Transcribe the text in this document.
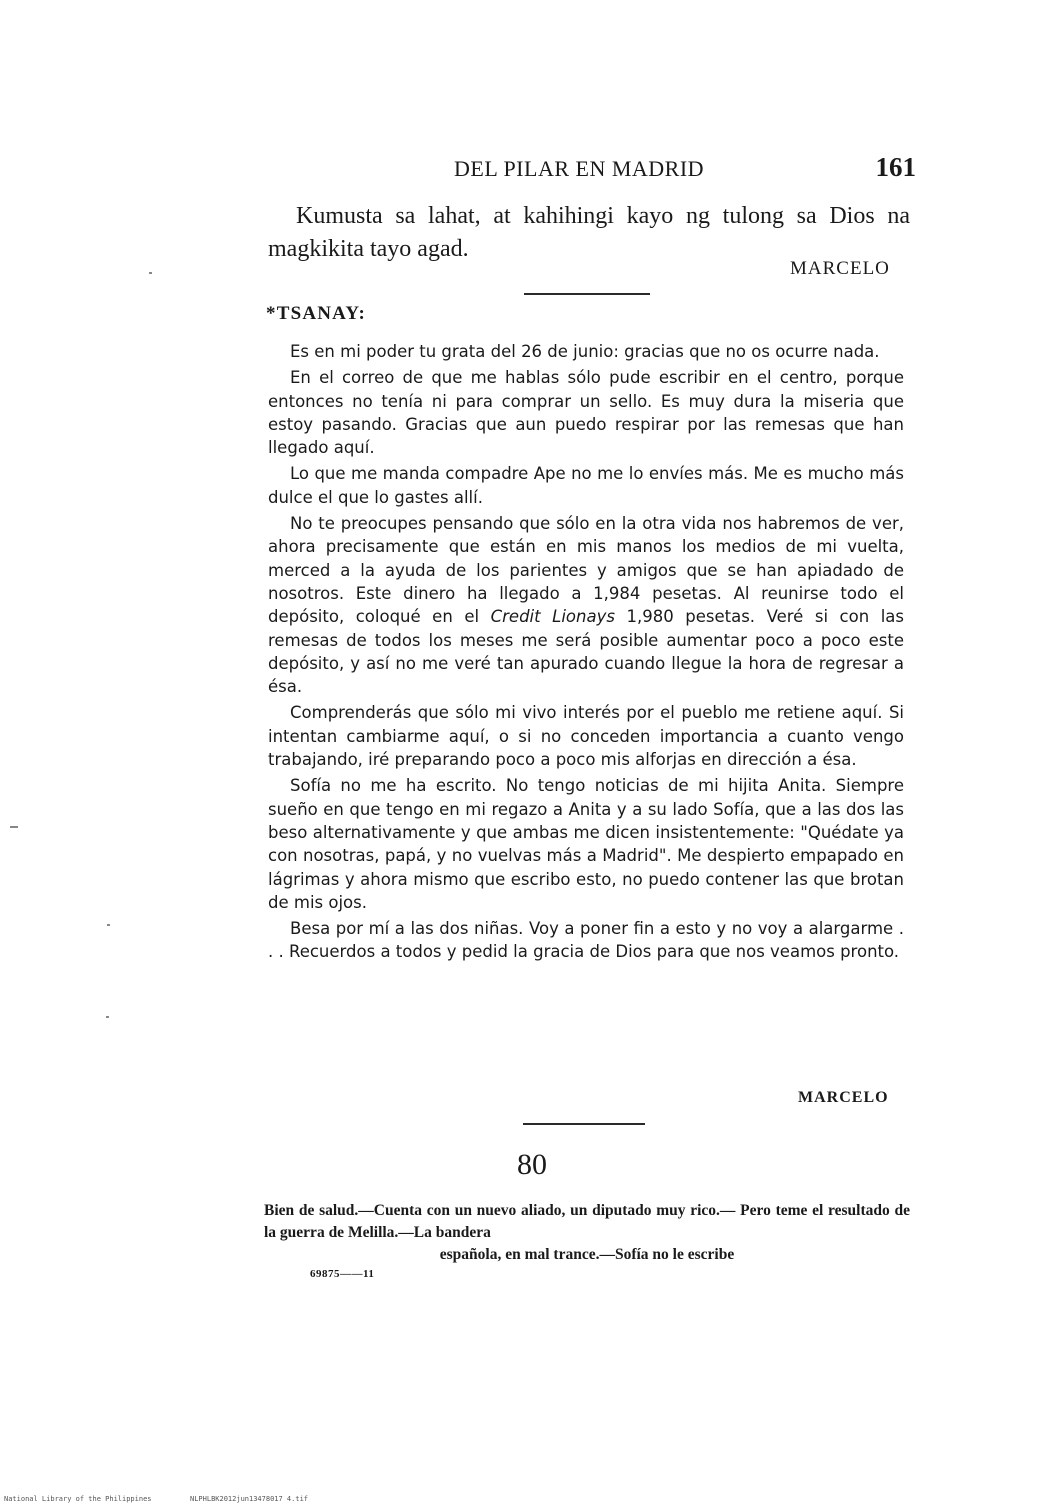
DEL PILAR EN MADRID	161

Kumusta sa lahat, at kahihingi kayo ng tulong sa Dios na magkikita tayo agad.

MARCELO
*TSANAY:

Es en mi poder tu grata del 26 de junio: gracias que no os ocurre nada.

En el correo de que me hablas sólo pude escribir en el centro, porque entonces no tenía ni para comprar un sello. Es muy dura la miseria que estoy pasando. Gracias que aun puedo respirar por las remesas que han llegado aquí.

Lo que me manda compadre Ape no me lo envíes más. Me es mucho más dulce el que lo gastes allí.

No te preocupes pensando que sólo en la otra vida nos habremos de ver, ahora precisamente que están en mis manos los medios de mi vuelta, merced a la ayuda de los parientes y amigos que se han apiadado de nosotros. Este dinero ha llegado a 1,984 pesetas. Al reunirse todo el depósito, coloqué en el Credit Lionays 1,980 pesetas. Veré si con las remesas de todos los meses me será posible aumentar poco a poco este depósito, y así no me veré tan apurado cuando llegue la hora de regresar a ésa.

Comprenderás que sólo mi vivo interés por el pueblo me retiene aquí. Si intentan cambiarme aquí, o si no conceden importancia a cuanto vengo trabajando, iré preparando poco a poco mis alforjas en dirección a ésa.

Sofía no me ha escrito. No tengo noticias de mi hijita Anita. Siempre sueño en que tengo en mi regazo a Anita y a su lado Sofía, que a las dos las beso alternativamente y que ambas me dicen insistentemente: "Quédate ya con nosotras, papá, y no vuelvas más a Madrid". Me despierto empapado en lágrimas y ahora mismo que escribo esto, no puedo contener las que brotan de mis ojos.

Besa por mí a las dos niñas. Voy a poner fin a esto y no voy a alargarme . . . Recuerdos a todos y pedid la gracia de Dios para que nos veamos pronto.

MARCELO
80

Bien de salud.—Cuenta con un nuevo aliado, un diputado muy rico.— Pero teme el resultado de la guerra de Melilla.—La bandera

española, en mal trance.—Sofía no le escribe

69875——11
National Library of the Philippines	NLPHLBK2012jun13478017 4.tif
